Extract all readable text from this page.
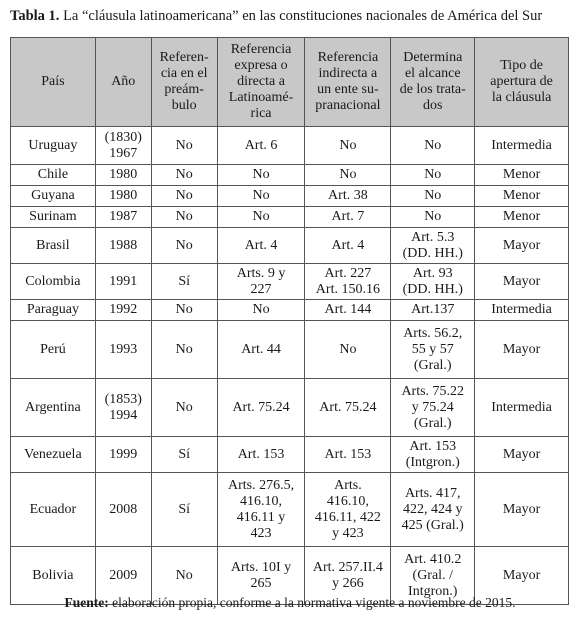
Tabla 1. La “cláusula latinoamericana” en las constituciones nacionales de América del Sur
País	Año	Referen-
cia en el
preám-
bulo	Referencia
expresa o
directa a
Latinoamé-
rica	Referencia
indirecta a
un ente su-
pranacional	Determina
el alcance
de los trata-
dos	Tipo de
apertura de
la cláusula
Uruguay	(1830)
1967	No	Art. 6	No	No	Intermedia
Chile	1980	No	No	No	No	Menor
Guyana	1980	No	No	Art. 38	No	Menor
Surinam	1987	No	No	Art. 7	No	Menor
Brasil	1988	No	Art. 4	Art. 4	Art. 5.3
(DD. HH.)	Mayor
Colombia	1991	Sí	Arts. 9 y
227	Art. 227
Art. 150.16	Art. 93
(DD. HH.)	Mayor
Paraguay	1992	No	No	Art. 144	Art.137	Intermedia
Perú	1993	No	Art. 44	No	Arts. 56.2,
55 y 57
(Gral.)	Mayor
Argentina	(1853)
1994	No	Art. 75.24	Art. 75.24	Arts. 75.22
y 75.24
(Gral.)	Intermedia
Venezuela	1999	Sí	Art. 153	Art. 153	Art. 153
(Intgron.)	Mayor
Ecuador	2008	Sí	Arts. 276.5,
416.10,
416.11 y
423	Arts.
416.10,
416.11, 422
y 423	Arts. 417,
422, 424 y
425 (Gral.)	Mayor
Bolivia	2009	No	Arts. 10I y
265	Art. 257.II.4
y 266	Art. 410.2
(Gral. /
Intgron.)	Mayor
Fuente: elaboración propia, conforme a la normativa vigente a noviembre de 2015.
